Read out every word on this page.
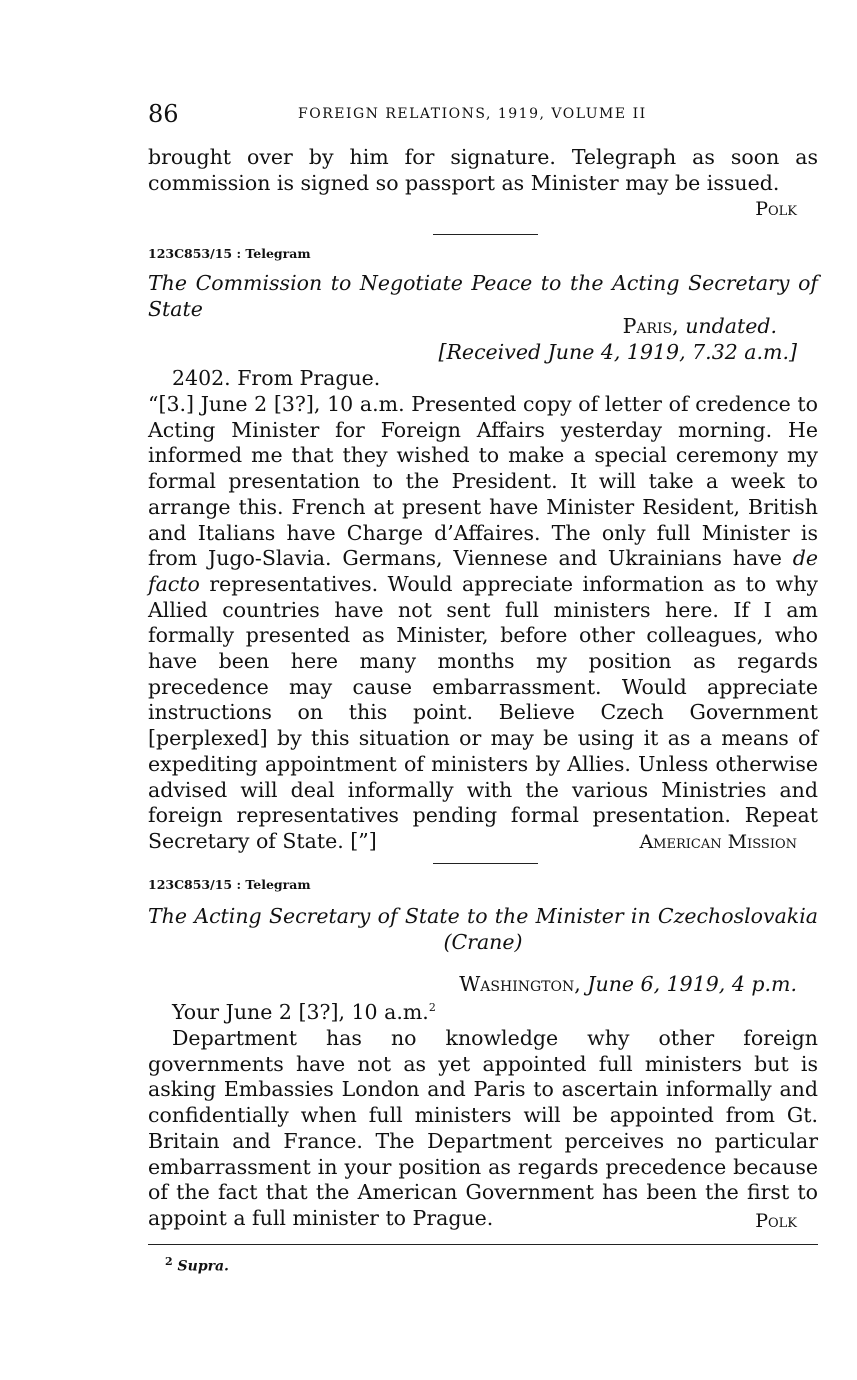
86	FOREIGN RELATIONS, 1919, VOLUME II

brought over by him for signature. Telegraph as soon as commission is signed so passport as Minister may be issued.

Polk
123C853/15 : Telegram
The Commission to Negotiate Peace to the Acting Secretary of State
Paris, undated.
[Received June 4, 1919, 7.32 a.m.]
2402. From Prague.

“[3.] June 2 [3?], 10 a.m. Presented copy of letter of credence to Acting Minister for Foreign Affairs yesterday morning. He informed me that they wished to make a special ceremony my formal presentation to the President. It will take a week to arrange this. French at present have Minister Resident, British and Italians have Charge d’Affaires. The only full Minister is from Jugo-Slavia. Germans, Viennese and Ukrainians have de facto representatives. Would appreciate information as to why Allied countries have not sent full ministers here. If I am formally presented as Minister, before other colleagues, who have been here many months my position as regards precedence may cause embarrassment. Would appreciate instructions on this point. Believe Czech Government [perplexed] by this situation or may be using it as a means of expediting appointment of ministers by Allies. Unless otherwise advised will deal informally with the various Ministries and foreign representatives pending formal presentation. Repeat Secretary of State. [”]	American Mission
123C853/15 : Telegram
The Acting Secretary of State to the Minister in Czechoslovakia
(Crane)
Washington, June 6, 1919, 4 p.m.
Your June 2 [3?], 10 a.m.$^2$
Department has no knowledge why other foreign governments have not as yet appointed full ministers but is asking Embassies London and Paris to ascertain informally and confidentially when full ministers will be appointed from Gt. Britain and France. The Department perceives no particular embarrassment in your position as regards precedence because of the fact that the American Government has been the first to appoint a full minister to Prague.	Polk
$^2$ Supra.
